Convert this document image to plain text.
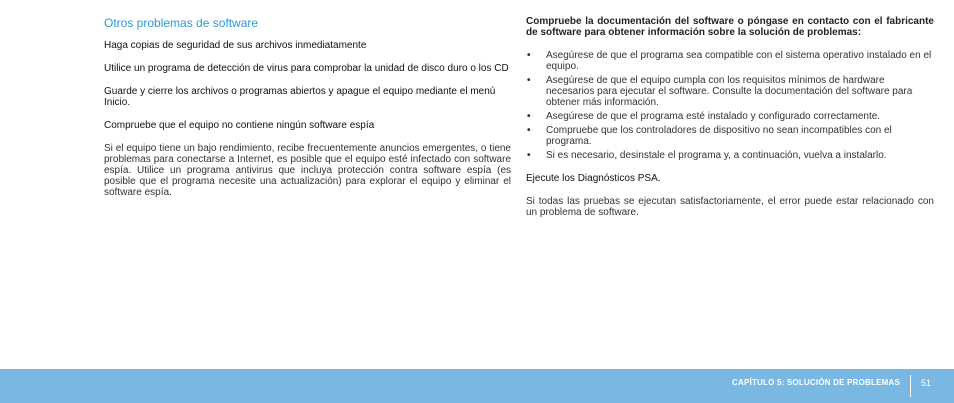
Otros problemas de software

Haga copias de seguridad de sus archivos inmediatamente

Utilice un programa de detección de virus para comprobar la unidad de disco duro o los CD

Guarde y cierre los archivos o programas abiertos y apague el equipo mediante el menú Inicio.

Compruebe que el equipo no contiene ningún software espía

Si el equipo tiene un bajo rendimiento, recibe frecuentemente anuncios emergentes, o tiene problemas para conectarse a Internet, es posible que el equipo esté infectado con software espía. Utilice un programa antivirus que incluya protección contra software espía (es posible que el programa necesite una actualización) para explorar el equipo y eliminar el software espía.

Compruebe la documentación del software o póngase en contacto con el fabricante de software para obtener información sobre la solución de problemas:

• Asegúrese de que el programa sea compatible con el sistema operativo instalado en el equipo.
• Asegúrese de que el equipo cumpla con los requisitos mínimos de hardware necesarios para ejecutar el software. Consulte la documentación del software para obtener más información.
• Asegúrese de que el programa esté instalado y configurado correctamente.
• Compruebe que los controladores de dispositivo no sean incompatibles con el programa.
• Si es necesario, desinstale el programa y, a continuación, vuelva a instalarlo.

Ejecute los Diagnósticos PSA.

Si todas las pruebas se ejecutan satisfactoriamente, el error puede estar relacionado con un problema de software.

CAPÍTULO 5: SOLUCIÓN DE PROBLEMAS 51
